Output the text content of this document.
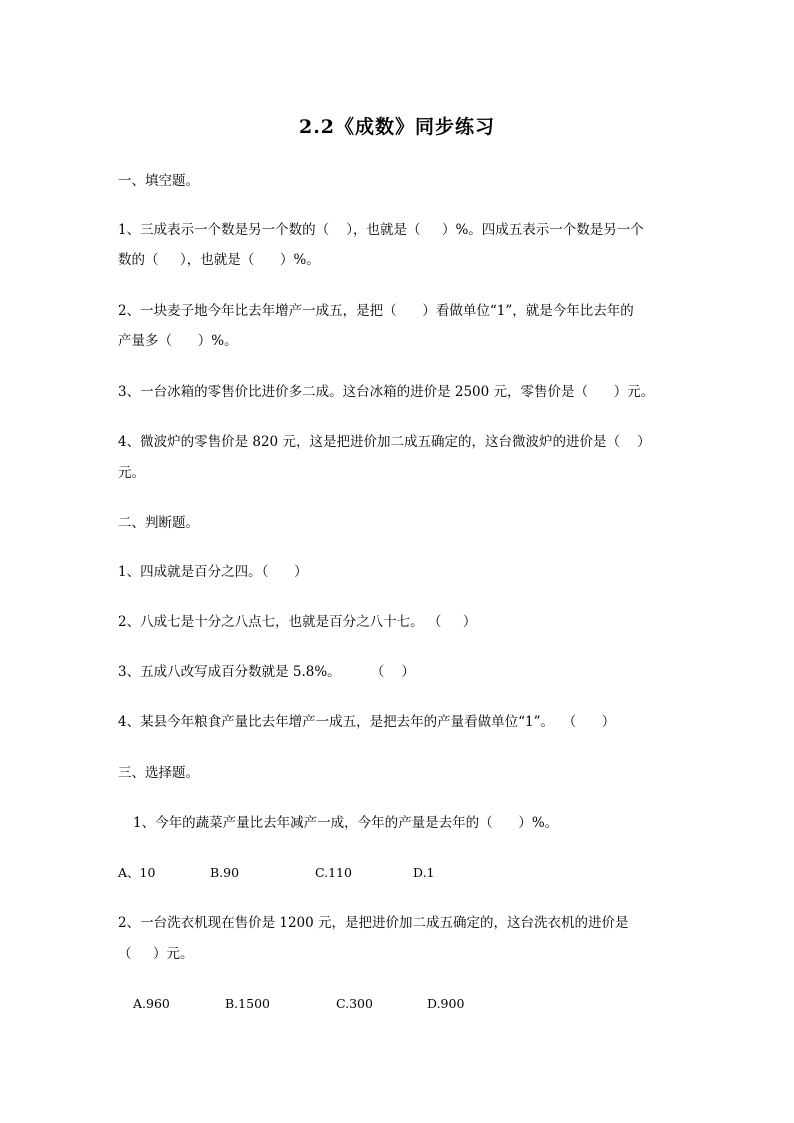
2.2《成数》同步练习
一、填空题。
1、三成表示一个数是另一个数的（    ），也就是（     ）%。四成五表示一个数是另一个
数的（     ），也就是（      ）%。
2、一块麦子地今年比去年增产一成五，是把（      ）看做单位“1”，就是今年比去年的
产量多（      ）%。
3、一台冰箱的零售价比进价多二成。这台冰箱的进价是 2500 元，零售价是（      ）元。
4、微波炉的零售价是 820 元，这是把进价加二成五确定的，这台微波炉的进价是（    ）
元。
二、判断题。
1、四成就是百分之四。（      ）
2、八成七是十分之八点七，也就是百分之八十七。 （     ）
3、五成八改写成百分数就是 5.8%。       （    ）
4、某县今年粮食产量比去年增产一成五，是把去年的产量看做单位“1”。  （      ）
三、选择题。
1、今年的蔬菜产量比去年减产一成，今年的产量是去年的（      ）%。
A、10	B.90	C.110	D.1
2、一台洗衣机现在售价是 1200 元，是把进价加二成五确定的，这台洗衣机的进价是
（     ）元。
A.960	B.1500	C.300	D.900
